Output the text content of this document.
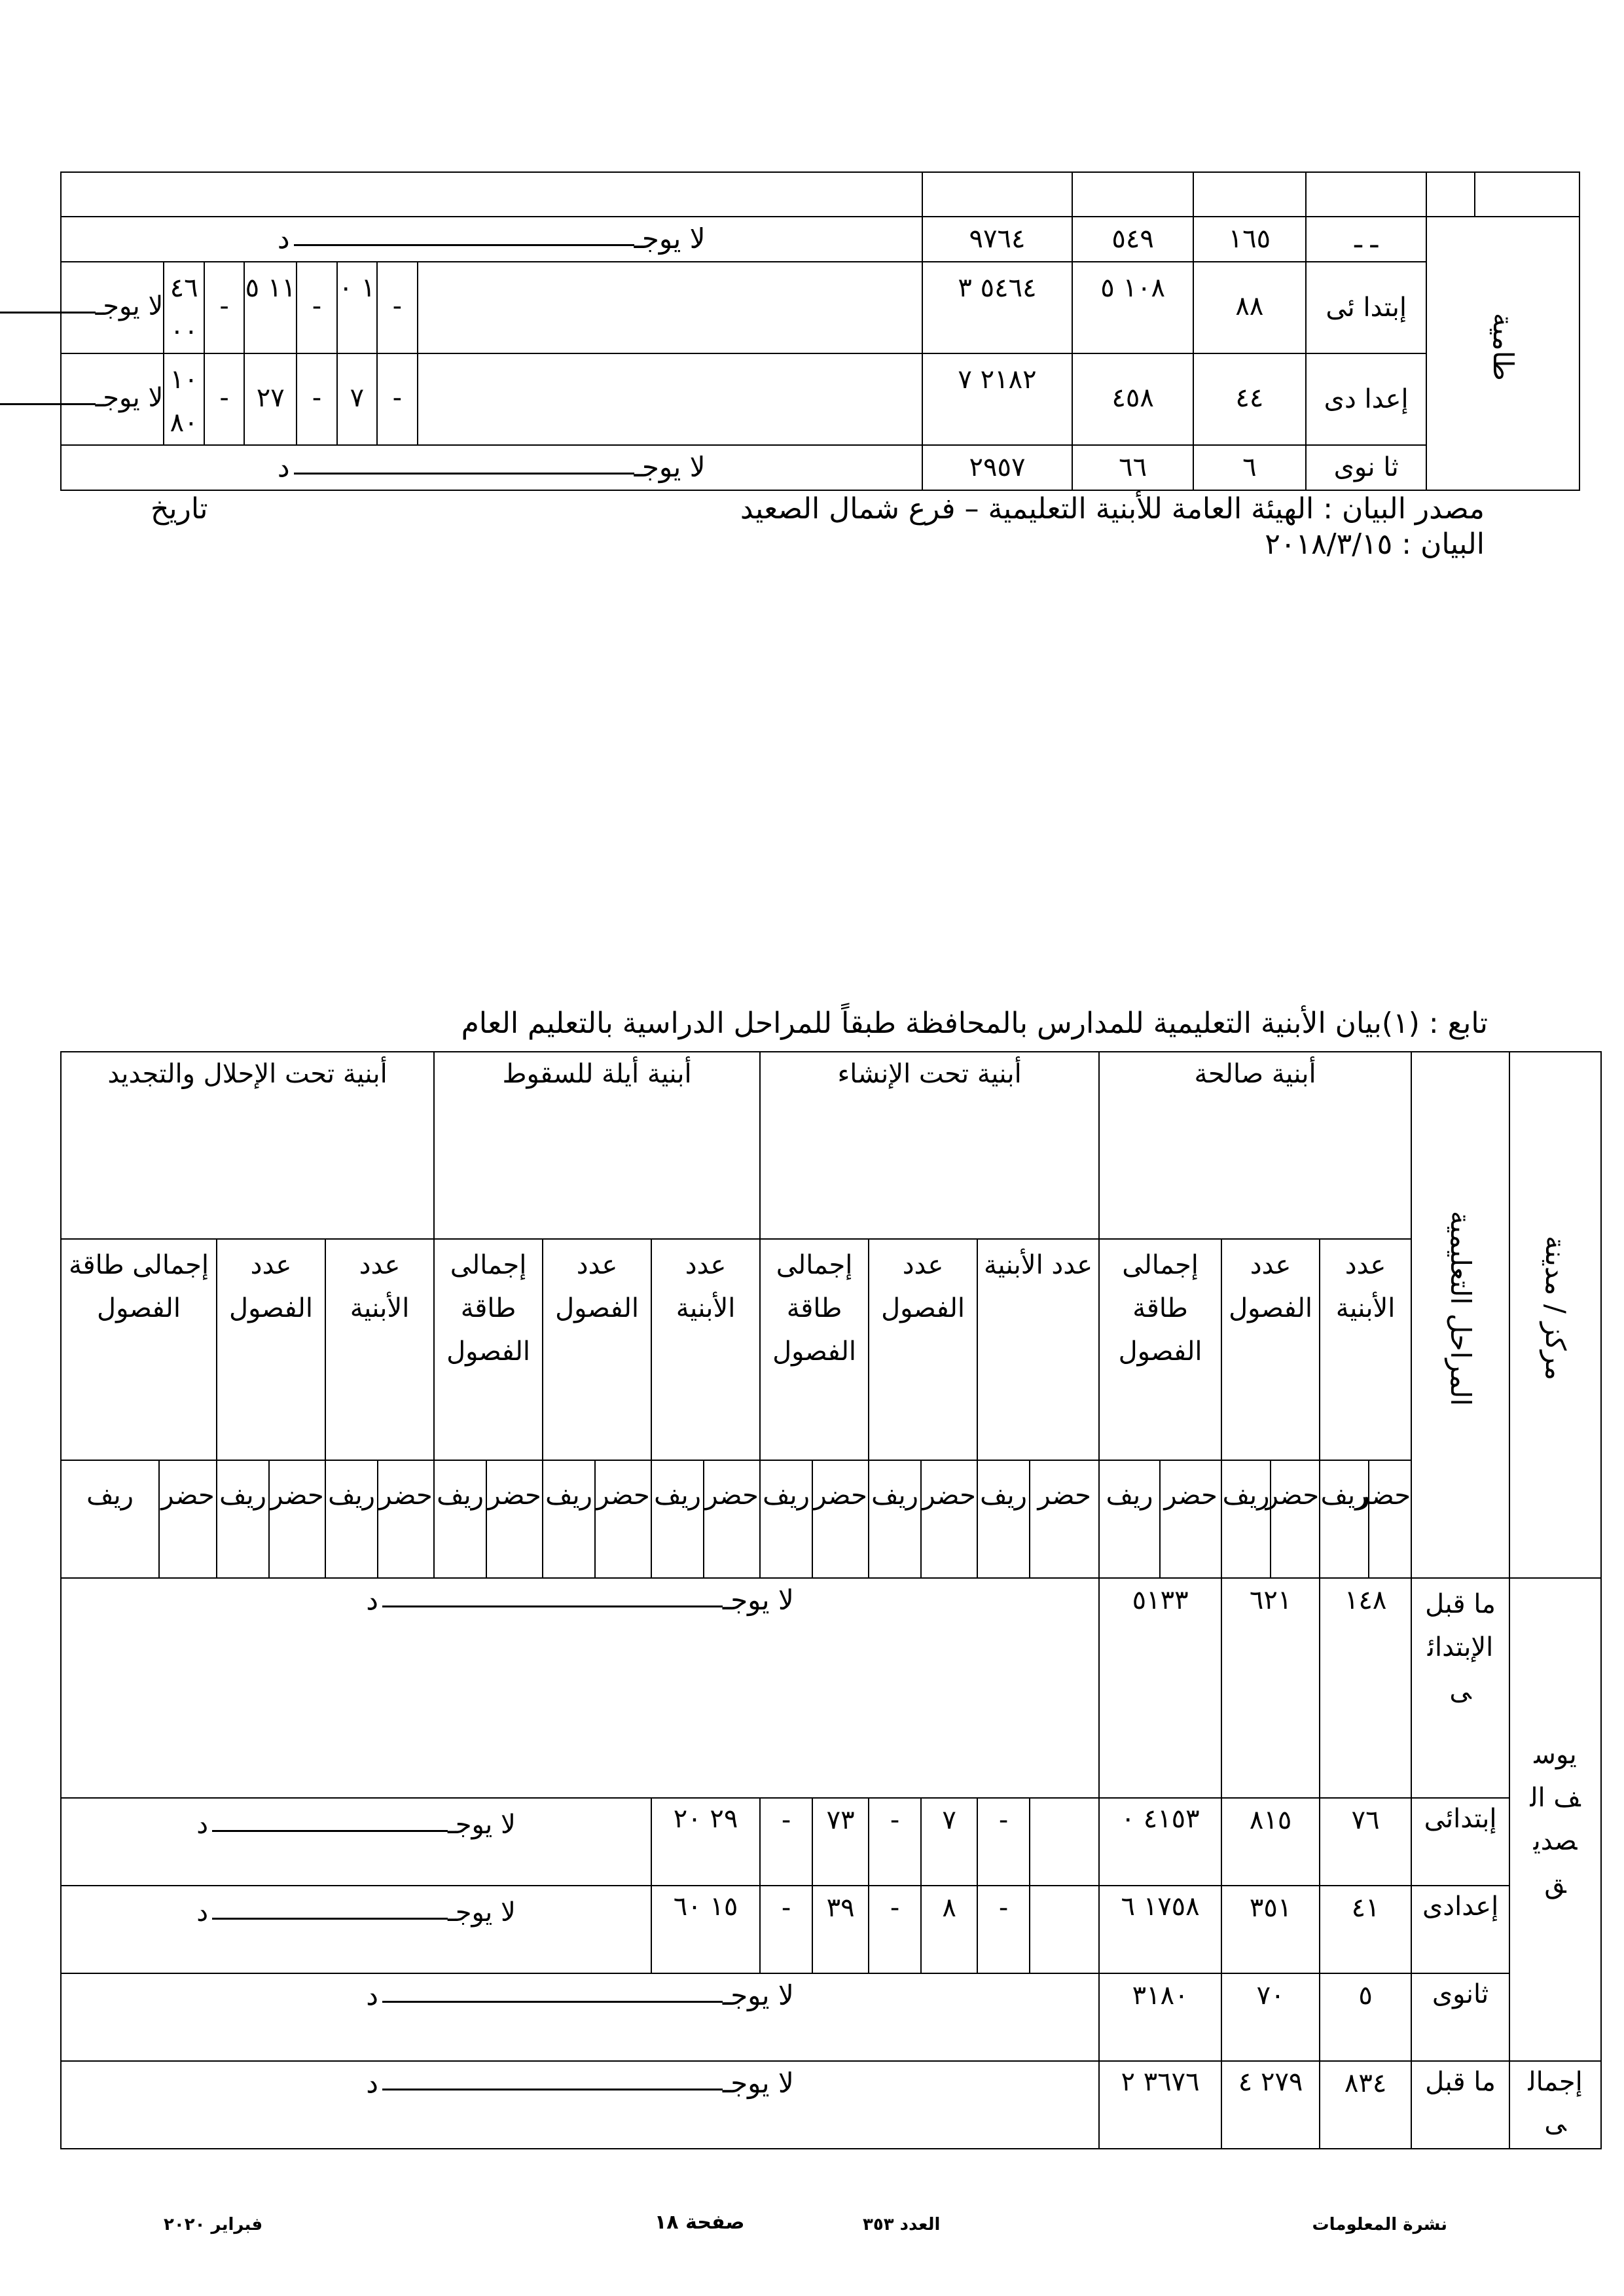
لا يوجـد								٩٧٦٤	٥٤٩	١٦٥	ـ ـ	طامية	
لا يوجـ	٤٦ ٠٠	-	١١ ٥	-	١ ٠	-		٥٤٦٤ ٣	١٠٨ ٥	٨٨	إبتدا ئى		
لا يوجـ	١٠ ٨٠	-	٢٧	-	٧	-		٢١٨٢ ٧	٤٥٨	٤٤	إعدا دى		
لا يوجـد								٢٩٥٧	٦٦	٦	ثا نوى		
مصدر البيان : الهيئة العامة للأبنية التعليمية – فرع شمال الصعيد
تاريخ
البيان : ٢٠١٨/٣/١٥
تابع : (١)بيان الأبنية التعليمية للمدارس بالمحافظة طبقاً للمراحل الدراسية بالتعليم العام
أبنية تحت الإحلال والتجديد						أبنية أيلة للسقوط						أبنية تحت الإنشاء						أبنية صالحة						المراحل التعليمية	مركز / مدينة
إجمالى طاقة الفصول		عدد الفصول		عدد الأبنية		إجمالى طاقة الفصول		عدد الفصول		عدد الأبنية		إجمالى طاقة الفصول		عدد الفصول		عدد الأبنية		إجمالى طاقة الفصول		عدد الفصول		عدد الأبنية			
ريف	حضر	ريف	حضر	ريف	حضر	ريف	حضر	ريف	حضر	ريف	حضر	ريف	حضر	ريف	حضر	ريف	حضر	ريف	حضر	ريف	حضر	ريف	حضر		
لا يوجـد																		٥١٣٣		٦٢١		١٤٨		ما قبل الإبتدائى	يوسف الصديق
لا يوجـد										٢٩ ٢٠		-	٧٣	-	٧	-		٤١٥٣ ٠		٨١٥		٧٦		إبتدائى	
لا يوجـد										١٥ ٦٠		-	٣٩	-	٨	-		١٧٥٨ ٦		٣٥١		٤١		إعدادى	
لا يوجـد																		٣١٨٠		٧٠		٥		ثانوى	
لا يوجـد																		٣٦٧٦ ٢		٢٧٩ ٤		٨٣٤		ما قبل	إجمالى
نشرة المعلومات
العدد ٣٥٣
صفحة ١٨
فبراير ٢٠٢٠
